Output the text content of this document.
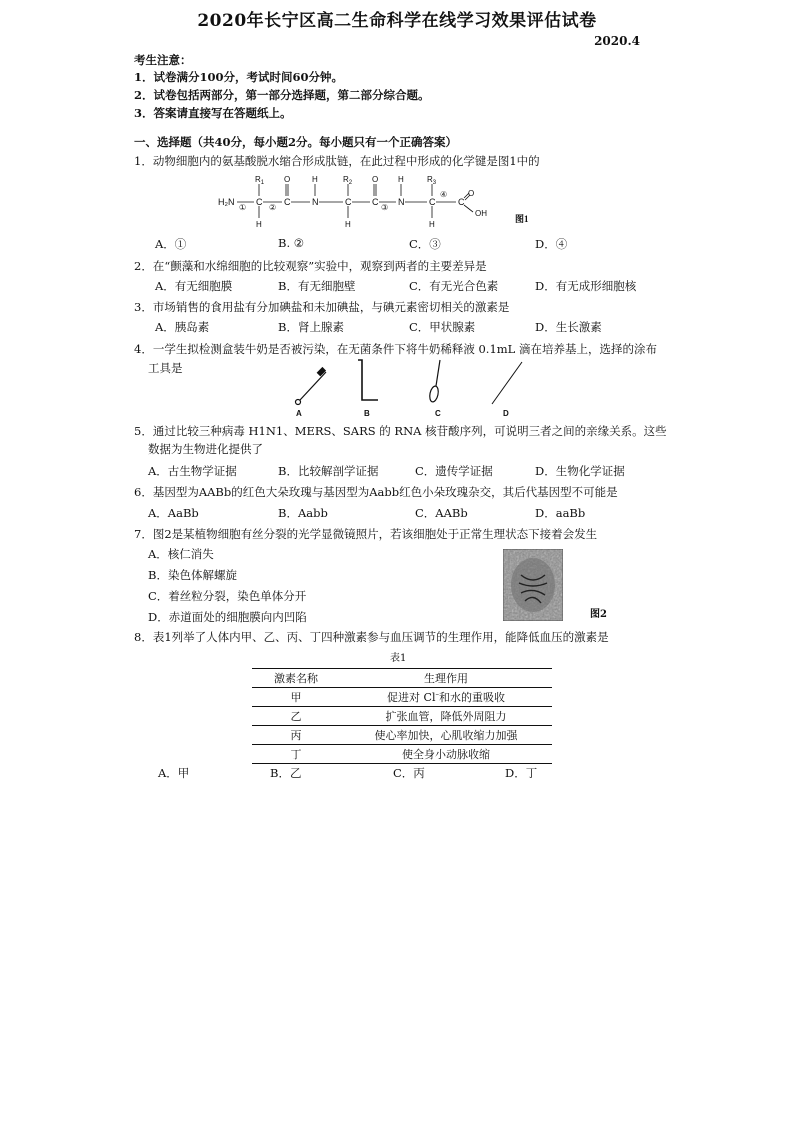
2020年长宁区高二生命科学在线学习效果评估试卷
2020.4
考生注意：
1．试卷满分100分，考试时间60分钟。
2．试卷包括两部分，第一部分选择题，第二部分综合题。
3．答案请直接写在答题纸上。
一、选择题（共40分，每小题2分。每小题只有一个正确答案）
1．动物细胞内的氨基酸脱水缩合形成肽链，在此过程中形成的化学键是图1中的
H₂N C C N	C C N	C	C
$R_1$	$R_2$	$R_3$
O	O
H	H
H	H	H
O
OH
①	②	③
④
图1
A．①	B. ②	C．③	D．④
2．在“颤藻和水绵细胞的比较观察”实验中，观察到两者的主要差异是
A．有无细胞膜	B．有无细胞壁	C．有无光合色素	D．有无成形细胞核
3．市场销售的食用盐有分加碘盐和未加碘盐，与碘元素密切相关的激素是
A．胰岛素	B．肾上腺素	C．甲状腺素	D．生长激素
4．一学生拟检测盒装牛奶是否被污染，在无菌条件下将牛奶稀释液 0.1mL 滴在培养基上，选择的涂布
工具是
A	B	C	D
5．通过比较三种病毒 H1N1、MERS、SARS 的 RNA 核苷酸序列，可说明三者之间的亲缘关系。这些
数据为生物进化提供了
A．古生物学证据	B．比较解剖学证据	C．遗传学证据	D．生物化学证据
6．基因型为AABb的红色大朵玫瑰与基因型为Aabb红色小朵玫瑰杂交，其后代基因型不可能是
A．AaBb	B．Aabb	C．AABb	D．aaBb
7．图2是某植物细胞有丝分裂的光学显微镜照片，若该细胞处于正常生理状态下接着会发生
A．核仁消失
B．染色体解螺旋
C．着丝粒分裂，染色单体分开
D．赤道面处的细胞膜向内凹陷	图2
8．表1列举了人体内甲、乙、丙、丁四种激素参与血压调节的生理作用，能降低血压的激素是
表1
激素名称	生理作用
甲	促进对 Cl–和水的重吸收
乙	扩张血管，降低外周阻力
丙	使心率加快，心肌收缩力加强
丁	使全身小动脉收缩
A．甲	B．乙	C．丙	D．丁
